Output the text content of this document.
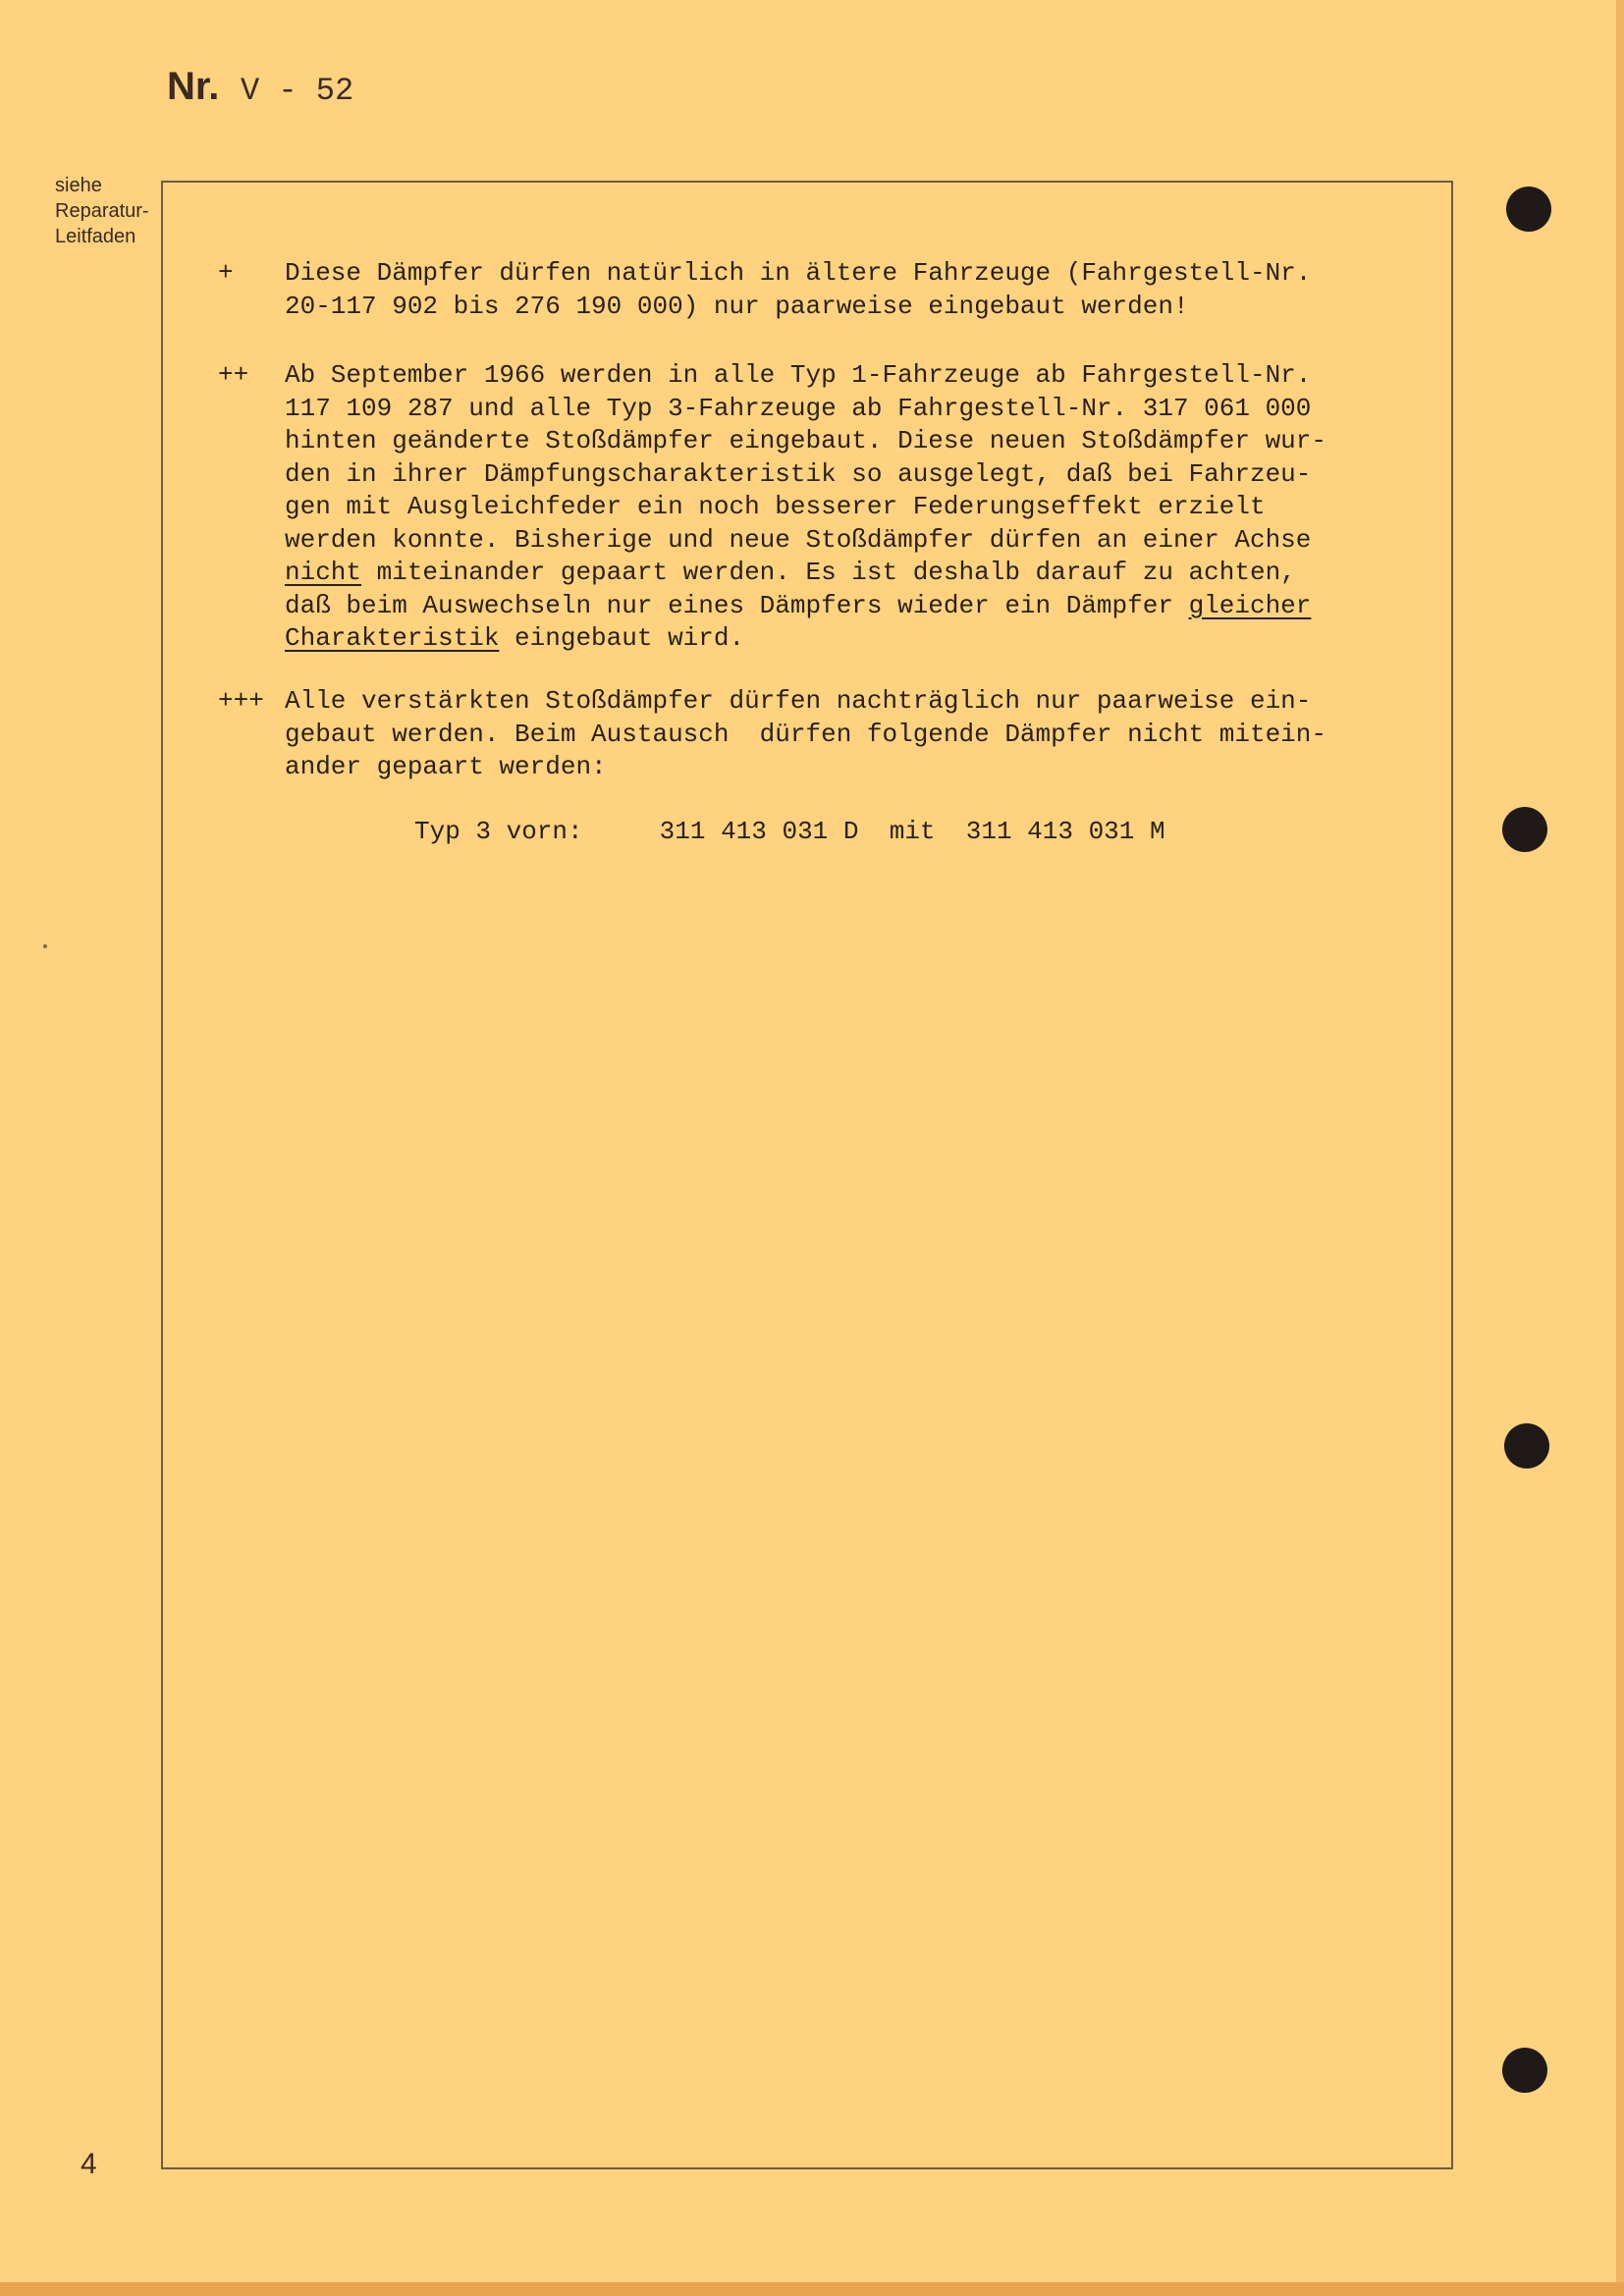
Nr. V - 52
siehe
Reparatur-
Leitfaden
+ Diese Dämpfer dürfen natürlich in ältere Fahrzeuge (Fahrgestell-Nr.
20-117 902 bis 276 190 000) nur paarweise eingebaut werden!
++ Ab September 1966 werden in alle Typ 1-Fahrzeuge ab Fahrgestell-Nr.
117 109 287 und alle Typ 3-Fahrzeuge ab Fahrgestell-Nr. 317 061 000
hinten geänderte Stoßdämpfer eingebaut. Diese neuen Stoßdämpfer wur-
den in ihrer Dämpfungscharakteristik so ausgelegt, daß bei Fahrzeu-
gen mit Ausgleichfeder ein noch besserer Federungseffekt erzielt
werden konnte. Bisherige und neue Stoßdämpfer dürfen an einer Achse
nicht miteinander gepaart werden. Es ist deshalb darauf zu achten,
daß beim Auswechseln nur eines Dämpfers wieder ein Dämpfer gleicher
Charakteristik eingebaut wird.
+++ Alle verstärkten Stoßdämpfer dürfen nachträglich nur paarweise ein-
gebaut werden. Beim Austausch  dürfen folgende Dämpfer nicht mitein-
ander gepaart werden:
Typ 3 vorn:	311 413 031 D mit 311 413 031 M
4
